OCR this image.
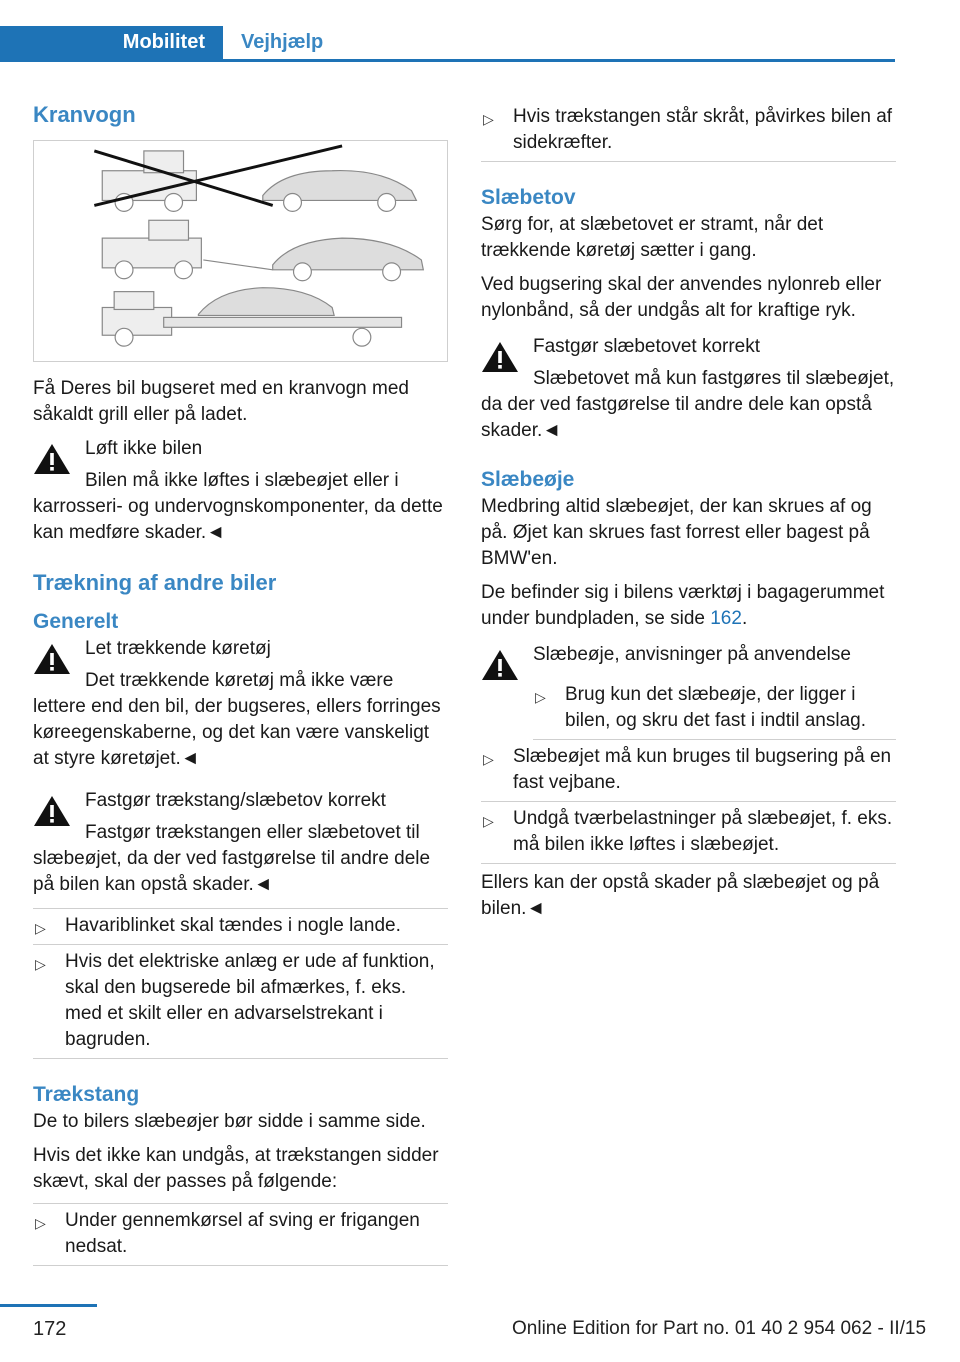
Mobilitet	Vejhjælp
Kranvogn

Få Deres bil bugseret med en kranvogn med såkaldt grill eller på ladet.

Løft ikke bilen
Bilen må ikke løftes i slæbeøjet eller i karrosseri- og undervognskomponenter, da dette kan medføre skader.◄
Trækning af andre biler
Generelt
Let trækkende køretøj
Det trækkende køretøj må ikke være lettere end den bil, der bugseres, ellers forringes køreegenskaberne, og det kan være vanskeligt at styre køretøjet.◄
Fastgør trækstang/slæbetov korrekt
Fastgør trækstangen eller slæbetovet til slæbeøjet, da der ved fastgørelse til andre dele på bilen kan opstå skader.◄
▷ Havariblinket skal tændes i nogle lande.
▷ Hvis det elektriske anlæg er ude af funktion, skal den bugserede bil afmærkes, f. eks. med et skilt eller en advarselstrekant i bagruden.
Trækstang

De to bilers slæbeøjer bør sidde i samme side.

Hvis det ikke kan undgås, at trækstangen sidder skævt, skal der passes på følgende:

▷ Under gennemkørsel af sving er frigangen nedsat.
▷ Hvis trækstangen står skråt, påvirkes bilen af sidekræfter.
Slæbetov

Sørg for, at slæbetovet er stramt, når det trækkende køretøj sætter i gang.

Ved bugsering skal der anvendes nylonreb eller nylonbånd, så der undgås alt for kraftige ryk.

Fastgør slæbetovet korrekt
Slæbetovet må kun fastgøres til slæbeøjet, da der ved fastgørelse til andre dele kan opstå skader.◄
Slæbeøje

Medbring altid slæbeøjet, der kan skrues af og på. Øjet kan skrues fast forrest eller bagest på BMW'en.

De befinder sig i bilens værktøj i bagagerummet under bundpladen, se side 162.

Slæbeøje, anvisninger på anvendelse
▷ Brug kun det slæbeøje, der ligger i bilen, og skru det fast i indtil anslag.
▷ Slæbeøjet må kun bruges til bugsering på en fast vejbane.
▷ Undgå tværbelastninger på slæbeøjet, f. eks. må bilen ikke løftes i slæbeøjet.

Ellers kan der opstå skader på slæbeøjet og på bilen.◄

172	Online Edition for Part no. 01 40 2 954 062 - II/15
